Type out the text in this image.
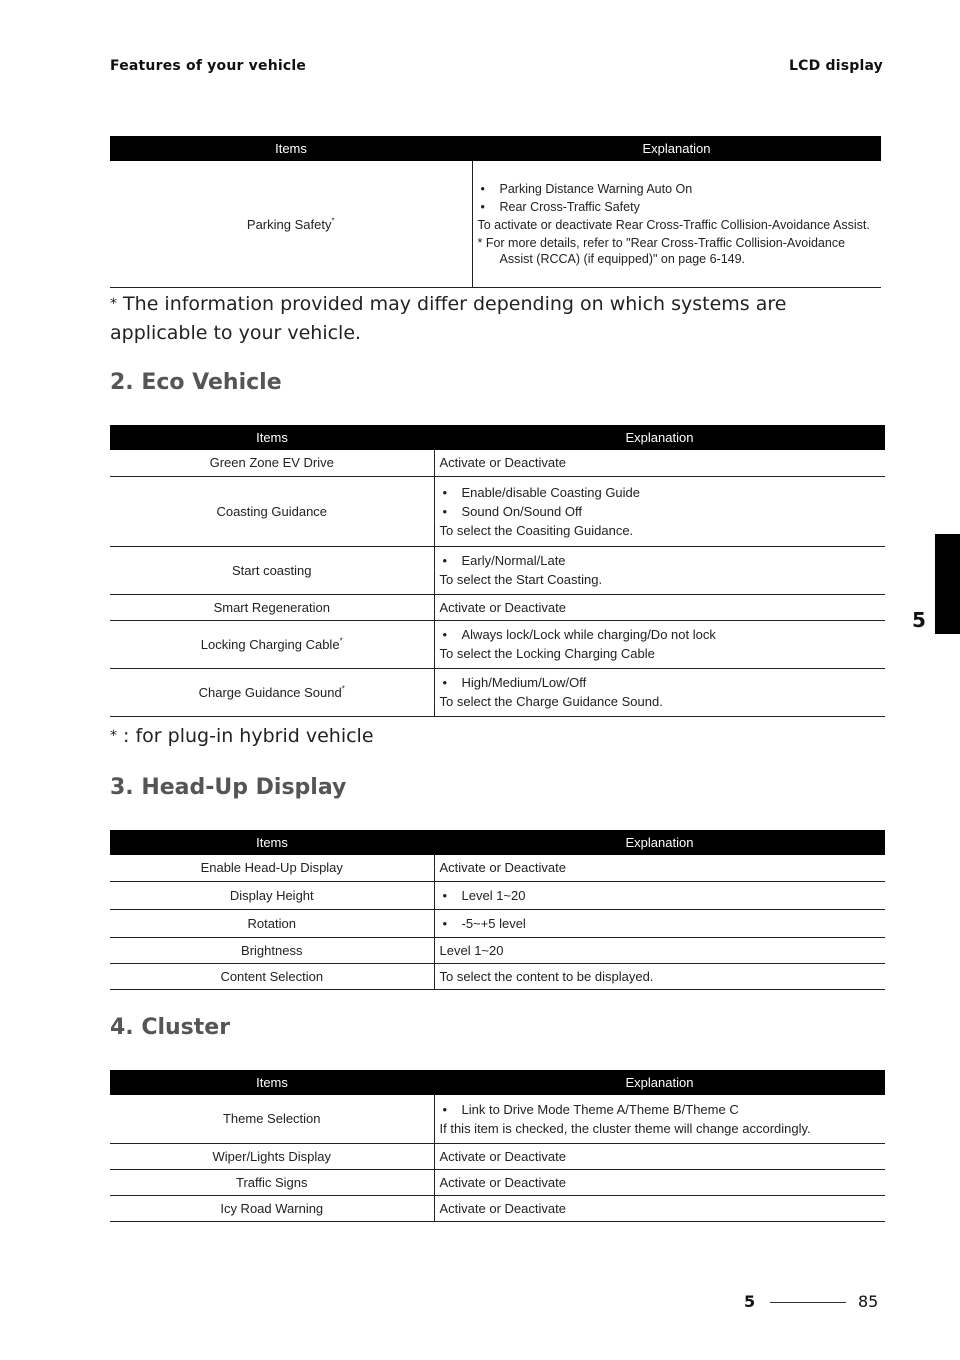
Features of your vehicle	LCD display
Items	Explanation
Parking Safety*	• Parking Distance Warning Auto On
• Rear Cross-Traffic Safety
To activate or deactivate Rear Cross-Traffic Collision-Avoidance Assist.
* For more details, refer to "Rear Cross-Traffic Collision-Avoidance Assist (RCCA) (if equipped)" on page 6-149.
* The information provided may differ depending on which systems are applicable to your vehicle.
2. Eco Vehicle
Items	Explanation
Green Zone EV Drive	Activate or Deactivate
Coasting Guidance	• Enable/disable Coasting Guide
• Sound On/Sound Off
To select the Coasiting Guidance.

Start coasting	• Early/Normal/Late
To select the Start Coasting.

Smart Regeneration	Activate or Deactivate
Locking Charging Cable*	• Always lock/Lock while charging/Do not lock
To select the Locking Charging Cable

Charge Guidance Sound*	• High/Medium/Low/Off
To select the Charge Guidance Sound.
* : for plug-in hybrid vehicle
3. Head-Up Display
Items	Explanation
Enable Head-Up Display	Activate or Deactivate
Display Height	• Level 1~20

Rotation	• -5~+5 level

Brightness	Level 1~20
Content Selection	To select the content to be displayed.
4. Cluster
Items	Explanation
Theme Selection	• Link to Drive Mode Theme A/Theme B/Theme C
If this item is checked, the cluster theme will change accordingly.

Wiper/Lights Display	Activate or Deactivate
Traffic Signs	Activate or Deactivate
Icy Road Warning	Activate or Deactivate
5
5	85
